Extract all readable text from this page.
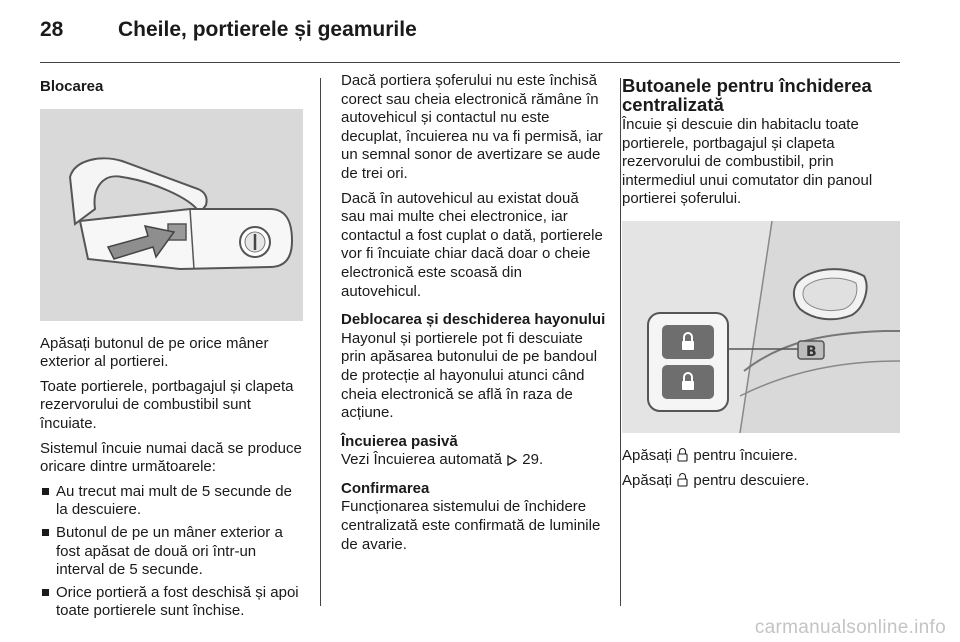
28	Cheile, portierele și geamurile
Blocarea

Apăsați butonul de pe orice mâner exterior al portierei.

Toate portierele, portbagajul și clapeta rezervorului de combustibil sunt încuiate.

Sistemul încuie numai dacă se produce oricare dintre următoarele:

Au trecut mai mult de 5 secunde de la descuiere.
Butonul de pe un mâner exterior a fost apăsat de două ori într-un interval de 5 secunde.
Orice portieră a fost deschisă și apoi toate portierele sunt închise.

Dacă portiera șoferului nu este închisă corect sau cheia electronică rămâne în autovehicul și contactul nu este decuplat, încuierea nu va fi permisă, iar un semnal sonor de avertizare se aude de trei ori.

Dacă în autovehicul au existat două sau mai multe chei electronice, iar contactul a fost cuplat o dată, portierele vor fi încuiate chiar dacă doar o cheie electronică este scoasă din autovehicul.

Deblocarea și deschiderea hayonului

Hayonul și portierele pot fi descuiate prin apăsarea butonului de pe bandoul de protecție al hayonului atunci când cheia electronică se află în raza de acțiune.

Încuierea pasivă

Vezi Încuierea automată 29.

Confirmarea

Funcționarea sistemului de închidere centralizată este confirmată de luminile de avarie.

Butoanele pentru închiderea centralizată

Încuie și descuie din habitaclu toate portierele, portbagajul și clapeta rezervorului de combustibil, prin intermediul unui comutator din panoul portierei șoferului.

B

Apăsați pentru încuiere.

Apăsați pentru descuiere.

carmanualsonline.info
